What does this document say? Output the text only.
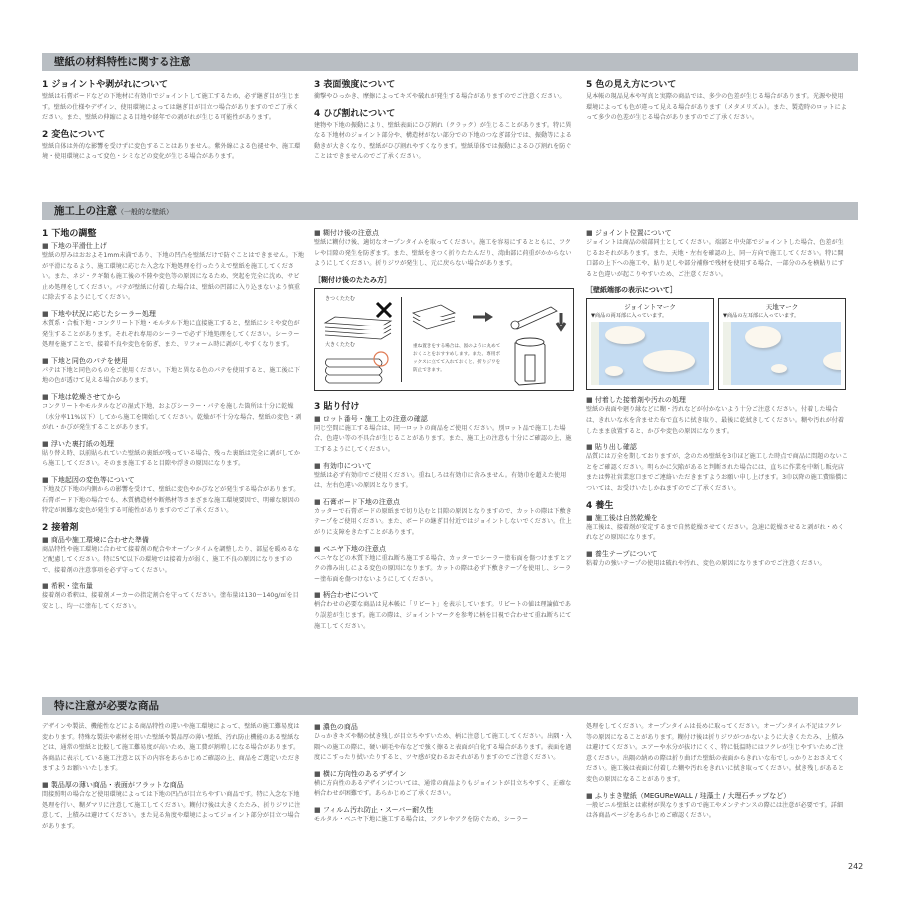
壁紙の材料特性に関する注意
1 ジョイントや剥がれについて
壁紙は石膏ボードなどの下地材に有効巾でジョイントして施工するため、必ず継ぎ目が生じます。壁紙の仕様やデザイン、使用環境によっては継ぎ目が目立つ場合がありますのでご了承ください。また、壁紙の伸縮による目地や経年での剥がれが生じる可能性があります。
2 変色について
壁紙自体は外的な影響を受けずに変色することはありません。紫外線による色褪せや、施工環境・使用環境によって変色・シミなどの変化が生じる場合があります。
3 表面強度について
衝撃やひっかき、摩擦によってキズや破れが発生する場合がありますのでご注意ください。
4 ひび割れについて
建物や下地の振動により、壁紙表面にひび割れ（クラック）が生じることがあります。特に異なる下地材のジョイント部分や、構造材がない部分での下地のつなぎ部分では、振動等による動きが大きくなり、壁紙がひび割れやすくなります。壁紙単体では振動によるひび割れを防ぐことはできませんのでご了承ください。
5 色の見え方について
見本帳の現品見本や写真と実際の商品では、多少の色差が生じる場合があります。光源や使用環境によっても色が違って見える場合があります（メタメリズム）。また、製造時のロットによって多少の色差が生じる場合がありますのでご了承ください。
施工上の注意（一般的な壁紙）
1 下地の調整
■ 下地の平滑仕上げ
壁紙の厚みはおおよそ1mm未満であり、下地の凹凸を壁紙だけで防ぐことはできません。下地が平滑になるよう、施工環境に応じた入念な下地処理を行ったうえで壁紙を施工してください。また、ネジ・クギ類も施工後の不陸や変色等の原因になるため、突起を完全に沈め、サビ止め処理をしてください。パテが壁紙に付着した場合は、壁紙の凹部に入り込まないよう慎重に除去するようにしてください。
■ 下地や状況に応じたシーラー処理
木質系・合板下地・コンクリート下地・モルタル下地に直接施工すると、壁紙にシミや変色が発生することがあります。それぞれ専用のシーラーで必ず下地処理をしてください。シーラー処理を施すことで、接着不良や変色を防ぎ、また、リフォーム時に剥がしやすくなります。
■ 下地と同色のパテを使用
パテは下地と同色のものをご使用ください。下地と異なる色のパテを使用すると、施工後に下地の色が透けて見える場合があります。
■ 下地は乾燥させてから
コンクリートやモルタルなどの湿式下地、およびシーラー・パテを施した箇所は十分に乾燥（水分率11%以下）してから施工を開始してください。乾燥が不十分な場合、壁紙の変色・剥がれ・かびが発生することがあります。
■ 浮いた裏打紙の処理
貼り替え時、以前貼られていた壁紙の裏紙が残っている場合、残った裏紙は完全に剥がしてから施工してください。そのまま施工すると目隙や浮きの原因になります。
■ 下地起因の変色等について
下地及び下地の内側からの影響を受けて、壁紙に変色やかびなどが発生する場合があります。石膏ボード下地の場合でも、木質構造材や断熱材等さまざまな施工環境要因で、明確な原因の特定が困難な変色が発生する可能性がありますのでご了承ください。
2 接着剤
■ 商品や施工環境に合わせた準備
商品特性や施工環境に合わせて接着剤の配合やオープンタイムを調整したり、部屋を暖めるなど配慮してください。特に5℃以下の環境では接着力が弱く、施工不良の原因になりますので、接着剤の注意事項を必ず守ってください。
■ 希釈・塗布量
接着剤の希釈は、接着剤メーカーの指定割合を守ってください。塗布量は130〜140g/㎡を目安とし、均一に塗布してください。
■ 糊付け後の注意点
壁紙に糊付け後、適切なオープンタイムを取ってください。施工を容易にするとともに、フクレや目隙の発生を防ぎます。また、壁紙をきつく折りたたんだり、湾曲部に荷重がかからないようにしてください。折りジワが発生し、元に戻らない場合があります。
［糊付け後のたたみ方］
きつくたたむ
大きくたたむ	重ね置きをする場合は、図のように丸めておくことをおすすめします。また、専用ボックスに立てて入れておくと、折りジワを防止できます。
3 貼り付け
■ ロット番号・施工上の注意の確認
同じ空間に施工する場合は、同一ロットの商品をご使用ください。別ロット品で施工した場合、色違い等の不具合が生じることがあります。また、施工上の注意も十分にご確認の上、施工するようにしてください。
■ 有効巾について
壁紙は必ず有効巾でご使用ください。重ねしろは有効巾に含みません。有効巾を超えた使用は、左右色違いの原因となります。
■ 石膏ボード下地の注意点
カッターで石膏ボードの原紙まで切り込むと目隙の原因となりますので、カットの際は下敷きテープをご使用ください。また、ボードの継ぎ目付近ではジョイントしないでください。仕上がりに支障をきたすことがあります。
■ ベニヤ下地の注意点
ベニヤなどの木質下地に重ね断ち施工する場合、カッターでシーラー塗布面を傷つけますとアクの滲み出しによる変色の原因になります。カットの際は必ず下敷きテープを使用し、シーラー塗布面を傷つけないようにしてください。
■ 柄合わせについて
柄合わせの必要な商品は見本帳に「リピート」を表示しています。リピートの値は理論値であり誤差が生じます。施工の際は、ジョイントマークを参考に柄を目視で合わせて重ね断ちにて施工してください。
■ ジョイント位置について
ジョイントは商品の端部同士としてください。端部と中央部でジョイントした場合、色差が生じるおそれがあります。また、天地・左右を確認の上、同一方向で施工してください。特に開口部の上下への施工や、貼り足しや部分補修で残材を使用する場合、一部分のみを横貼りにすると色違いが起こりやすいため、ご注意ください。
［壁紙端部の表示について］
ジョイントマーク
▼商品の両耳部に入っています。
天地マーク
▼商品の左耳部に入っています。
■ 付着した接着剤や汚れの処理
壁紙の表面や廻り縁などに糊・汚れなどが付かないよう十分ご注意ください。付着した場合は、きれいな水を含ませた布で直ちに拭き取り、最後に乾拭きしてください。糊や汚れが付着したまま放置すると、かびや変色の原因になります。
■ 貼り出し確認
品質には万全を期しておりますが、念のため壁紙を3巾ほど施工した時点で商品に問題のないことをご確認ください。明らかに欠陥があると判断された場合には、直ちに作業を中断し販売店または弊社営業窓口までご連絡いただきますようお願い申し上げます。3巾以降の施工費賠償については、お受けいたしかねますのでご了承ください。
4 養生
■ 施工後は自然乾燥を
施工後は、接着剤が安定するまで自然乾燥させてください。急速に乾燥させると剥がれ・めくれなどの原因になります。
■ 養生テープについて
粘着力の強いテープの使用は破れや汚れ、変色の原因になりますのでご注意ください。
特に注意が必要な商品
デザインや製法、機能性などによる商品特性の違いや施工環境によって、壁紙の施工難易度は変わります。特殊な製法や素材を用いた壁紙や製品厚の薄い壁紙、汚れ防止機能のある壁紙などは、通常の壁紙と比較して施工難易度が高いため、施工費が割増しになる場合があります。各商品に表示している施工注意と以下の内容をあらかじめご確認の上、商品をご選定いただきますようお願いいたします。
■ 製品厚の薄い商品・表面がフラットな商品
間接照明の場合など使用環境によっては下地の凹凸が目立ちやすい商品です。特に入念な下地処理を行い、糊ダマリに注意して施工してください。糊付け後は大きくたたみ、折りジワに注意して、上積みは避けてください。また見る角度や環境によってジョイント部分が目立つ場合があります。
■ 濃色の商品
ひっかきキズや糊の拭き残しが目立ちやすいため、柄に注意して施工してください。出隅・入隅への施工の際に、硬い刷毛や布などで強く擦ると表面が白化する場合があります。表面を過度にこすったり拭いたりすると、ツヤ感が変わるおそれがありますのでご注意ください。
■ 横に方向性のあるデザイン
横に方向性のあるデザインについては、通常の商品よりもジョイントが目立ちやすく、正確な柄合わせが困難です。あらかじめご了承ください。
■ フィルム汚れ防止・スーパー耐久性
モルタル・ベニヤ下地に施工する場合は、フクレやアクを防ぐため、シーラー
処理をしてください。オープンタイムは長めに取ってください。オープンタイム不足はフクレ等の原因になることがあります。糊付け後は折りジワがつかないように大きくたたみ、上積みは避けてください。エアーや水分が抜けにくく、特に低温時にはフクレが生じやすいためご注意ください。出隅の納めの際は折り曲げた壁紙の表面からきれいな布でしっかりとおさえてください。施工後は表面に付着した糊や汚れをきれいに拭き取ってください。拭き残しがあると変色の原因になることがあります。
■ ふりまき壁紙（MEGUReWALL / 珪藻土 / 大理石チップなど）
一般ビニル壁紙とは素材が異なりますので施工やメンテナンスの際には注意が必要です。詳細は各商品ページをあらかじめご確認ください。
242
